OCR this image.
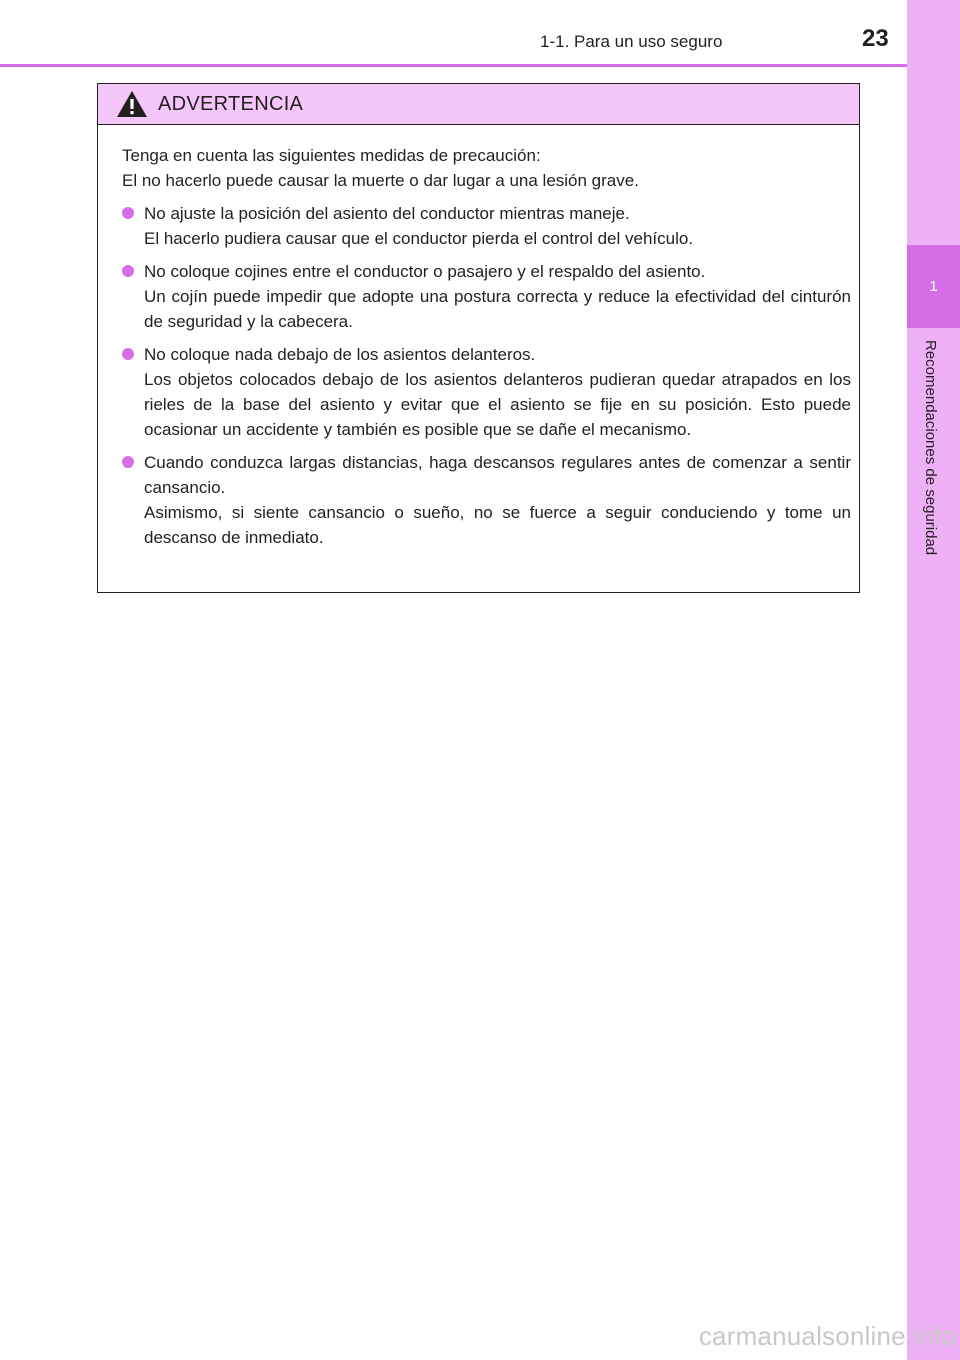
1
Recomendaciones de seguridad
1-1. Para un uso seguro	23
ADVERTENCIA

Tenga en cuenta las siguientes medidas de precaución:
El no hacerlo puede causar la muerte o dar lugar a una lesión grave.

No ajuste la posición del asiento del conductor mientras maneje.
El hacerlo pudiera causar que el conductor pierda el control del vehículo.
No coloque cojines entre el conductor o pasajero y el respaldo del asiento.
Un cojín puede impedir que adopte una postura correcta y reduce la efectividad del cinturón de seguridad y la cabecera.
No coloque nada debajo de los asientos delanteros.
Los objetos colocados debajo de los asientos delanteros pudieran quedar atrapados en los rieles de la base del asiento y evitar que el asiento se fije en su posición. Esto puede ocasionar un accidente y también es posible que se dañe el mecanismo.
Cuando conduzca largas distancias, haga descansos regulares antes de comenzar a sentir cansancio.
Asimismo, si siente cansancio o sueño, no se fuerce a seguir conduciendo y tome un descanso de inmediato.
carmanualsonline.info
